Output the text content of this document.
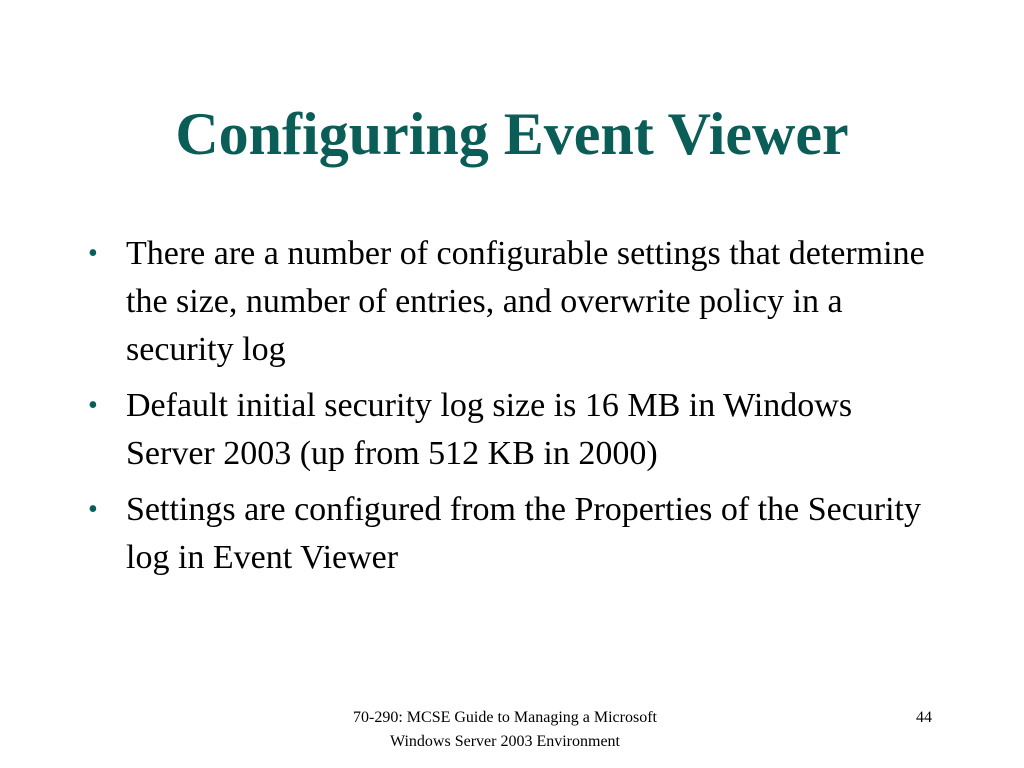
Configuring Event Viewer
• There are a number of configurable settings that determine the size, number of entries, and overwrite policy in a security log
• Default initial security log size is 16 MB in Windows Server 2003 (up from 512 KB in 2000)
• Settings are configured from the Properties of the Security log in Event Viewer
70-290: MCSE Guide to Managing a Microsoft
Windows Server 2003 Environment
44
